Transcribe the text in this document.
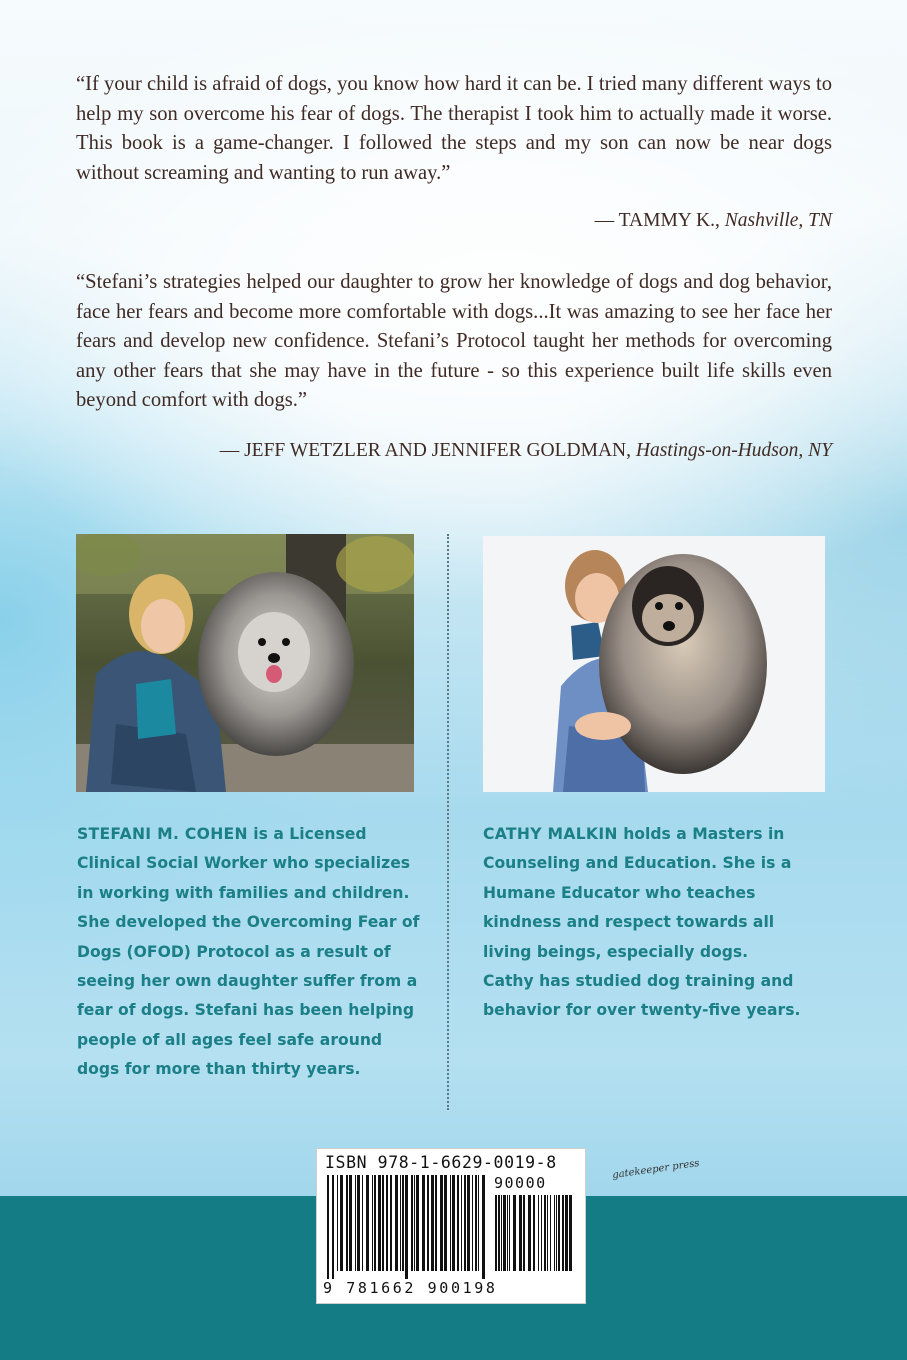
“If your child is afraid of dogs, you know how hard it can be. I tried many different ways to help my son overcome his fear of dogs. The therapist I took him to actually made it worse. This book is a game-changer. I followed the steps and my son can now be near dogs without screaming and wanting to run away.”

— TAMMY K., Nashville, TN

“Stefani’s strategies helped our daughter to grow her knowledge of dogs and dog behavior, face her fears and become more comfortable with dogs...It was amazing to see her face her fears and develop new confidence. Stefani’s Protocol taught her methods for overcoming any other fears that she may have in the future - so this experience built life skills even beyond comfort with dogs.”

— JEFF WETZLER AND JENNIFER GOLDMAN, Hastings-on-Hudson, NY

STEFANI M. COHEN is a Licensed Clinical Social Worker who specializes in working with families and children. She developed the Overcoming Fear of Dogs (OFOD) Protocol as a result of seeing her own daughter suffer from a fear of dogs. Stefani has been helping people of all ages feel safe around dogs for more than thirty years.

CATHY MALKIN holds a Masters in Counseling and Education. She is a Humane Educator who teaches kindness and respect towards all living beings, especially dogs. Cathy has studied dog training and behavior for over twenty-five years.

ISBN 978-1-6629-0019-8
90000
9 781662 900198
gatekeeper press
